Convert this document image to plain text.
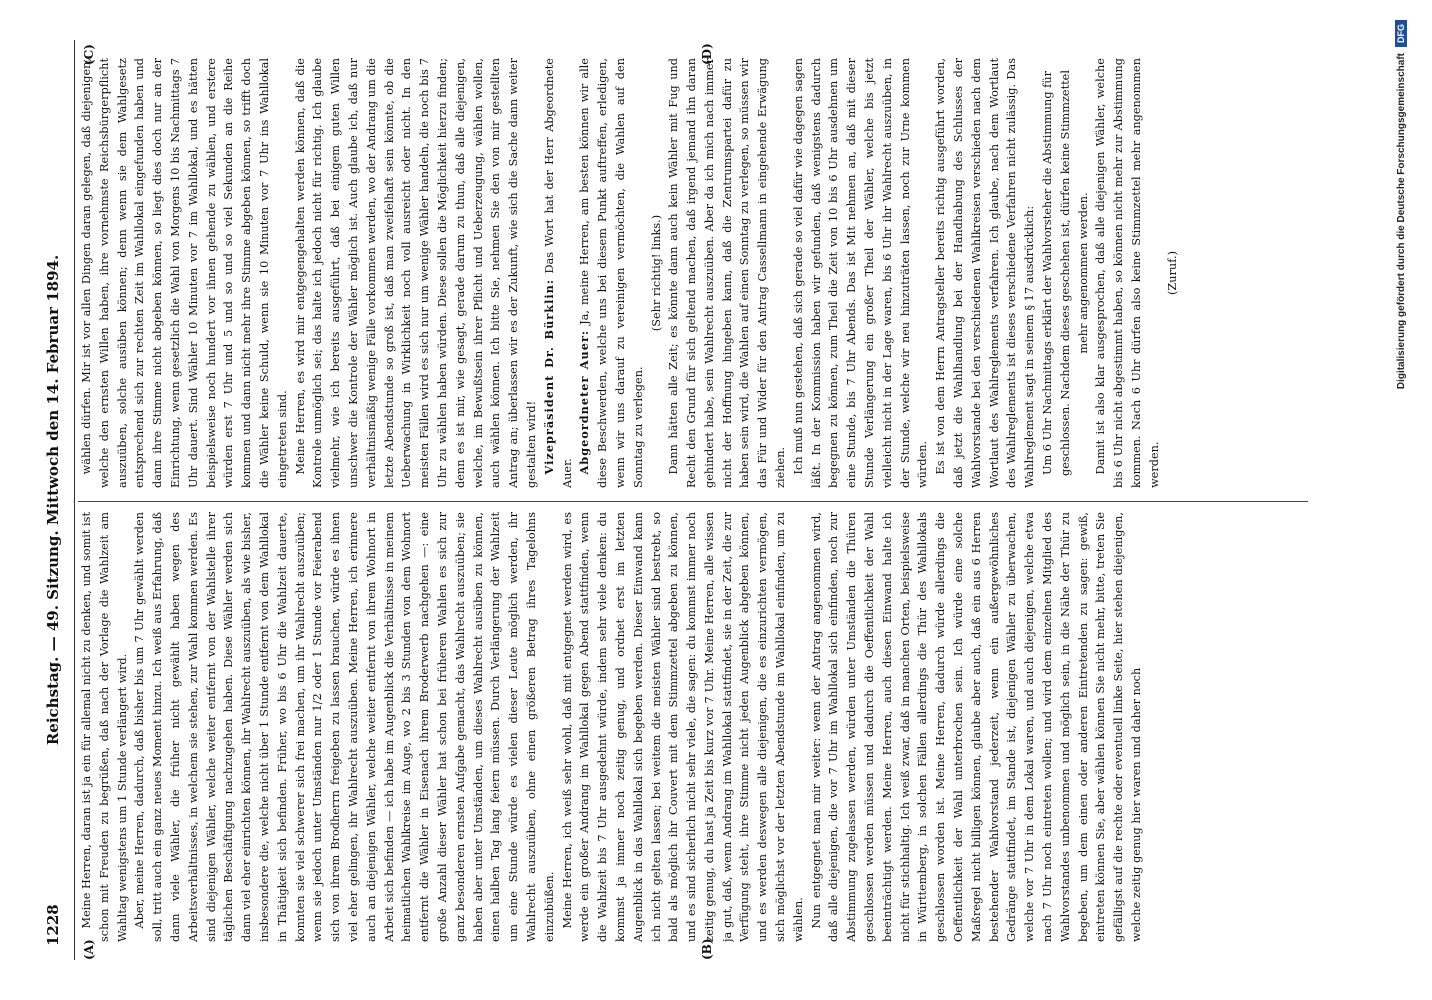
1228
Reichstag. — 49. Sitzung. Mittwoch den 14. Februar 1894.
(A)	(B)
(C)	(D)

Meine Herren, daran ist ja ein für allemal nicht zu denken, und somit ist schon mit Freuden zu begrüßen, daß nach der Vorlage die Wahlzeit am Wahltag wenigstens um 1 Stunde verlängert wird. Aber, meine Herren, dadurch, daß bisher bis um 7 Uhr gewählt werden soll, tritt auch ein ganz neues Moment hinzu. Ich weiß aus Erfahrung, daß dann viele Wähler, die früher nicht gewählt haben wegen des Arbeitsverhältnisses, in welchem sie stehen, zur Wahl kommen werden. Es sind diejenigen Wähler, welche weiter entfernt von der Wahlstelle ihrer täglichen Beschäftigung nachzugehen haben. Diese Wähler werden sich dann viel eher einrichten können, ihr Wahlrecht auszuüben, als wie bisher, insbesondere die, welche nicht über 1 Stunde entfernt von dem Wahllokal in Thätigkeit sich befinden. Früher, wo bis 6 Uhr die Wahlzeit dauerte, konnten sie viel schwerer sich frei machen, um ihr Wahlrecht auszuüben; wenn sie jedoch unter Umständen nur 1/2 oder 1 Stunde vor Feierabend sich von ihrem Brodherrn freigeben zu lassen brauchen, würde es ihnen viel eher gelingen, ihr Wahlrecht auszuüben. Meine Herren, ich erinnere auch an diejenigen Wähler, welche weiter entfernt von ihrem Wohnort in Arbeit sich befinden — ich habe im Augenblick die Verhältnisse in meinem heimatlichen Wahlkreise im Auge, wo 2 bis 3 Stunden von dem Wohnort entfernt die Wähler in Eisenach ihrem Broderwerb nachgehen —: eine große Anzahl dieser Wähler hat schon bei früheren Wahlen es sich zur ganz besonderen ernsten Aufgabe gemacht, das Wahlrecht auszuüben; sie haben aber unter Umständen, um dieses Wahlrecht ausüben zu können, einen halben Tag lang feiern müssen. Durch Verlängerung der Wahlzeit um eine Stunde würde es vielen dieser Leute möglich werden, ihr Wahlrecht auszuüben, ohne einen größeren Betrag ihres Tagelohns einzubüßen. Meine Herren, ich weiß sehr wohl, daß mit entgegnet werden wird, es werde ein großer Andrang im Wahllokal gegen Abend stattfinden, wenn die Wahlzeit bis 7 Uhr ausgedehnt würde, indem sehr viele denken: du kommst ja immer noch zeitig genug, und ordnet erst im letzten Augenblick in das Wahllokal sich begeben werden. Dieser Einwand kann ich nicht gelten lassen; bei weitem die meisten Wähler sind bestrebt, so bald als möglich ihr Couvert mit dem Stimmzettel abgeben zu können, und es sind sicherlich nicht sehr viele, die sagen: du kommst immer noch zeitig genug, du hast ja Zeit bis kurz vor 7 Uhr. Meine Herren, alle wissen ja gut, daß, wenn Andrang im Wahllokal stattfindet, sie in der Zeit, die zur Verfügung steht, ihre Stimme nicht jeden Augenblick abgeben können, und es werden deswegen alle diejenigen, die es einzurichten vermögen, sich möglichst vor der letzten Abendstunde im Wahllokal einfinden, um zu wählen. Nun entgegnet man mir weiter: wenn der Antrag angenommen wird, daß alle diejenigen, die vor 7 Uhr im Wahllokal sich einfinden, noch zur Abstimmung zugelassen werden, würden unter Umständen die Thüren geschlossen werden müssen und dadurch die Oeffentlichkeit der Wahl beeinträchtigt werden. Meine Herren, auch diesen Einwand halte ich nicht für stichhaltig. Ich weiß zwar, daß in manchen Orten, beispielsweise in Württemberg, in solchen Fällen allerdings die Thür des Wahllokals geschlossen worden ist. Meine Herren, dadurch würde allerdings die Oeffentlichkeit der Wahl unterbrochen sein. Ich würde eine solche Maßregel nicht billigen können, glaube aber auch, daß ein aus 6 Herren bestehender Wahlvorstand jederzeit, wenn ein außergewöhnliches Gedränge stattfindet, im Stande ist, diejenigen Wähler zu überwachen, welche vor 7 Uhr in dem Lokal waren, und auch diejenigen, welche etwa nach 7 Uhr noch eintreten wollen; und wird dem einzelnen Mitglied des Wahlvorstandes unbenommen und möglich sein, in die Nähe der Thür zu begeben, um dem einen oder anderen Eintretenden zu sagen: gewiß, eintreten können Sie, aber wählen können Sie nicht mehr, bitte, treten Sie gefälligst auf die rechte oder eventuell linke Seite, hier stehen diejenigen, welche zeitig genug hier waren und daher noch

wählen dürfen. Mir ist vor allen Dingen daran gelegen, daß diejenigen, welche den ernsten Willen haben, ihre vornehmste Reichsbürgerpflicht auszuüben, solche ausüben können; denn wenn sie dem Wahlgesetz entsprechend sich zur rechten Zeit im Wahllokal eingefunden haben und dann ihre Stimme nicht abgeben können, so liegt dies doch nur an der Einrichtung, wenn gesetzlich die Wahl von Morgens 10 bis Nachmittags 7 Uhr dauert. Sind Wähler 10 Minuten vor 7 im Wahllokal, und es hätten beispielsweise noch hundert vor ihnen gehende zu wählen, und erstere würden erst 7 Uhr und 5 und so und so viel Sekunden an die Reihe kommen und dann nicht mehr ihre Stimme abgeben können, so trifft doch die Wähler keine Schuld, wenn sie 10 Minuten vor 7 Uhr ins Wahllokal eingetreten sind. Meine Herren, es wird mir entgegengehalten werden können, daß die Kontrole unmöglich sei; das halte ich jedoch nicht für richtig. Ich glaube vielmehr, wie ich bereits ausgeführt, daß bei einigem guten Willen unschwer die Kontrole der Wähler möglich ist. Auch glaube ich, daß nur verhältnismäßig wenige Fälle vorkommen werden, wo der Andrang um die letzte Abendstunde so groß ist, daß man zweifelhaft sein könnte, ob die Ueberwachung in Wirklichkeit noch voll ausreicht oder nicht. In den meisten Fällen wird es sich nur um wenige Wähler handeln, die noch bis 7 Uhr zu wählen haben würden. Diese sollen die Möglichkeit hierzu finden; denn es ist mir, wie gesagt, gerade darum zu thun, daß alle diejenigen, welche, im Bewußtsein ihrer Pflicht und Ueberzeugung, wählen wollen, auch wählen können. Ich bitte Sie, nehmen Sie den von mir gestellten Antrag an; überlassen wir es der Zukunft, wie sich die Sache dann weiter gestalten wird! Vizepräsident Dr. Bürklin: Das Wort hat der Herr Abgeordnete Auer. Abgeordneter Auer: Ja, meine Herren, am besten können wir alle diese Beschwerden, welche uns bei diesem Punkt auftreffen, erledigen, wenn wir uns darauf zu vereinigen vermöchten, die Wahlen auf den Sonntag zu verlegen.

(Sehr richtig! links.) Dann hätten alle Zeit; es könnte dann auch kein Wähler mit Fug und Recht den Grund für sich geltend machen, daß irgend jemand ihn daran gehindert habe, sein Wahlrecht auszuüben. Aber da ich mich nach immer nicht der Hoffnung hingeben kann, daß die Zentrumspartei dafür zu haben sein wird, die Wahlen auf einen Sonntag zu verlegen, so müssen wir das Für und Wider für den Antrag Cassellmann in eingehende Erwägung ziehen. Ich muß nun gestehen, daß sich gerade so viel dafür wie dagegen sagen läßt. In der Kommission haben wir gefunden, daß wenigstens dadurch begegnen zu können, zum Theil die Zeit von 10 bis 6 Uhr ausdehnen um eine Stunde, bis 7 Uhr Abends. Das ist Mit nehmen an, daß mit dieser Stunde Verlängerung ein großer Theil der Wähler, welche bis jetzt vielleicht nicht in der Lage waren, bis 6 Uhr ihr Wahlrecht auszuüben, in der Stunde, welche wir neu hinzuträten lassen, noch zur Urne kommen würden. Es ist von dem Herrn Antragsteller bereits richtig ausgeführt worden, daß jetzt die Wahlhandlung bei der Handhabung des Schlusses der Wahlvorstande bei den verschiedenen Wahlkreisen verschieden nach dem Wortlaut des Wahlreglements verfahren. Ich glaube, nach dem Wortlaut des Wahlreglements ist dieses verschiedene Verfahren nicht zulässig. Das Wahlreglement sagt in seinem § 17 ausdrücklich: Um 6 Uhr Nachmittags erklärt der Wahlvorsteher die Abstimmung für geschlossen. Nachdem dieses geschehen ist, dürfen keine Stimmzettel mehr angenommen werden. Damit ist also klar ausgesprochen, daß alle diejenigen Wähler, welche bis 6 Uhr nicht abgestimmt haben, so können nicht mehr zur Abstimmung kommen. Nach 6 Uhr dürfen also keine Stimmzettel mehr angenommen werden.

(Zuruf.)	Digitalisierung gefördert durch die Deutsche Forschungsgemeinschaft
DFG
